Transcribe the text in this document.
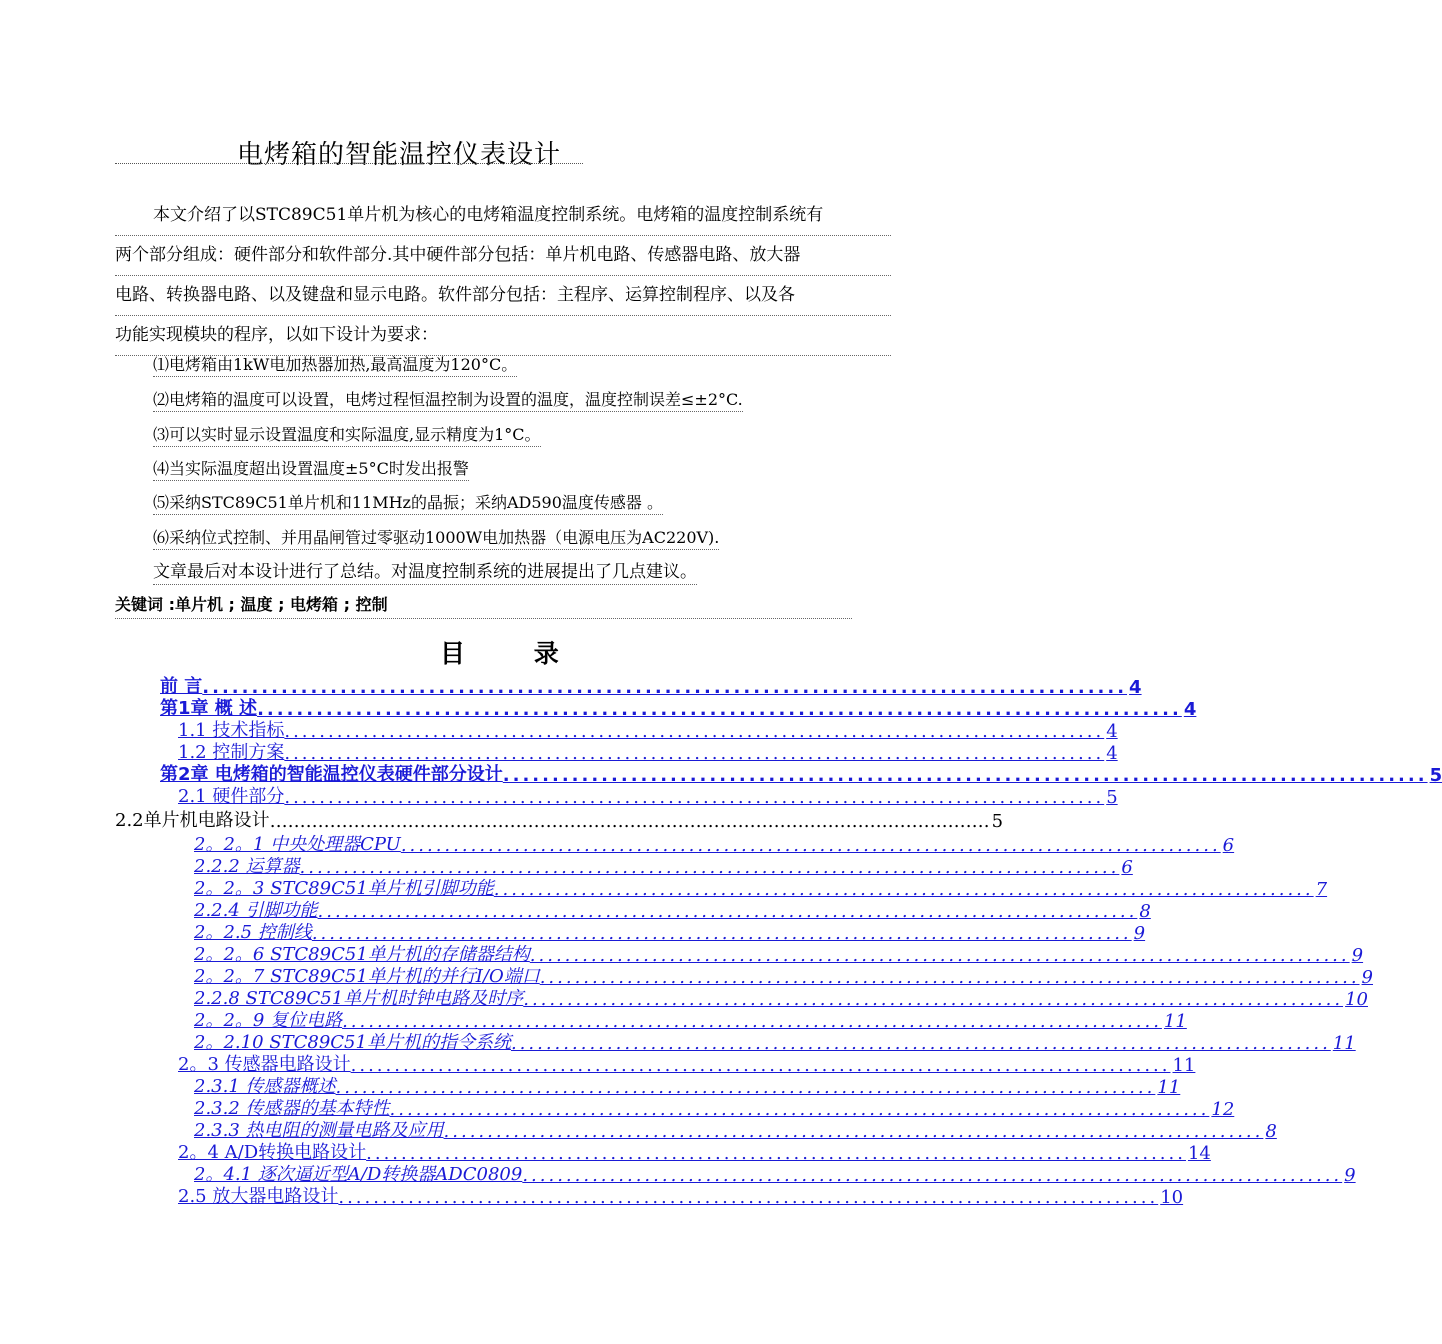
电烤箱的智能温控仪表设计
本文介绍了以STC89C51单片机为核心的电烤箱温度控制系统。电烤箱的温度控制系统有
两个部分组成：硬件部分和软件部分.其中硬件部分包括：单片机电路、传感器电路、放大器
电路、转换器电路、以及键盘和显示电路。软件部分包括：主程序、运算控制程序、以及各
功能实现模块的程序，以如下设计为要求：
⑴电烤箱由1kW电加热器加热,最高温度为120°C。
⑵电烤箱的温度可以设置，电烤过程恒温控制为设置的温度，温度控制误差≤±2°C.
⑶可以实时显示设置温度和实际温度,显示精度为1°C。
⑷当实际温度超出设置温度±5°C时发出报警
⑸采纳STC89C51单片机和11MHz的晶振；采纳AD590温度传感器 。
⑹采纳位式控制、并用晶闸管过零驱动1000W电加热器（电源电压为AC220V).
文章最后对本设计进行了总结。对温度控制系统的进展提出了几点建议。
关键词 :单片机 ; 温度 ; 电烤箱 ; 控制
目 录
前 言 .............................................................................................. 4
第1章 概 述 .............................................................................................. 4
1.1 技术指标 .............................................................................................. 4
1.2 控制方案 .............................................................................................. 4
第2章 电烤箱的智能温控仪表硬件部分设计 .............................................................................................. 5
2.1 硬件部分 .............................................................................................. 5
2.2单片机电路设计 ………………………………………………………………………………………………………… 5
2。2。1 中央处理器CPU .............................................................................................. 6
2.2.2 运算器 .............................................................................................. 6
2。2。3 STC89C51单片机引脚功能 .............................................................................................. 7
2.2.4 引脚功能 .............................................................................................. 8
2。2.5 控制线 .............................................................................................. 9
2。2。6 STC89C51单片机的存储器结构 .............................................................................................. 9
2。2。7 STC89C51单片机的并行I/O端口 .............................................................................................. 9
2.2.8 STC89C51单片机时钟电路及时序 .............................................................................................. 10
2。2。9 复位电路 .............................................................................................. 11
2。2.10 STC89C51单片机的指令系统 .............................................................................................. 11
2。3 传感器电路设计 .............................................................................................. 11
2.3.1 传感器概述 .............................................................................................. 11
2.3.2 传感器的基本特性 .............................................................................................. 12
2.3.3 热电阻的测量电路及应用 .............................................................................................. 8
2。4 A/D转换电路设计 .............................................................................................. 14
2。4.1 逐次逼近型A/D转换器ADC0809 .............................................................................................. 9
2.5 放大器电路设计 .............................................................................................. 10
